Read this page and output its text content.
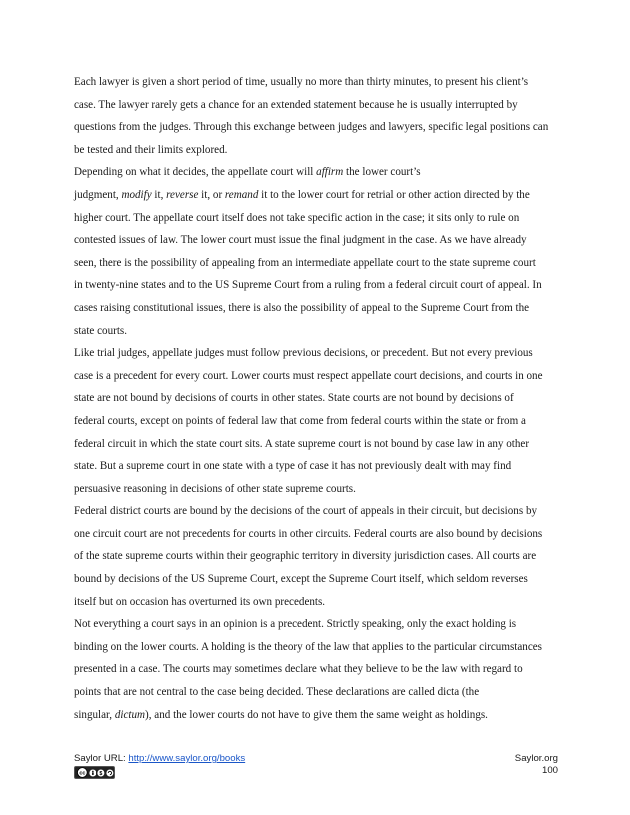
Each lawyer is given a short period of time, usually no more than thirty minutes, to present his client’s
case. The lawyer rarely gets a chance for an extended statement because he is usually interrupted by
questions from the judges. Through this exchange between judges and lawyers, specific legal positions can
be tested and their limits explored.

Depending on what it decides, the appellate court will affirm the lower court’s
judgment, modify it, reverse it, or remand it to the lower court for retrial or other action directed by the
higher court. The appellate court itself does not take specific action in the case; it sits only to rule on
contested issues of law. The lower court must issue the final judgment in the case. As we have already
seen, there is the possibility of appealing from an intermediate appellate court to the state supreme court
in twenty-nine states and to the US Supreme Court from a ruling from a federal circuit court of appeal. In
cases raising constitutional issues, there is also the possibility of appeal to the Supreme Court from the
state courts.

Like trial judges, appellate judges must follow previous decisions, or precedent. But not every previous
case is a precedent for every court. Lower courts must respect appellate court decisions, and courts in one
state are not bound by decisions of courts in other states. State courts are not bound by decisions of
federal courts, except on points of federal law that come from federal courts within the state or from a
federal circuit in which the state court sits. A state supreme court is not bound by case law in any other
state. But a supreme court in one state with a type of case it has not previously dealt with may find
persuasive reasoning in decisions of other state supreme courts.

Federal district courts are bound by the decisions of the court of appeals in their circuit, but decisions by
one circuit court are not precedents for courts in other circuits. Federal courts are also bound by decisions
of the state supreme courts within their geographic territory in diversity jurisdiction cases. All courts are
bound by decisions of the US Supreme Court, except the Supreme Court itself, which seldom reverses
itself but on occasion has overturned its own precedents.

Not everything a court says in an opinion is a precedent. Strictly speaking, only the exact holding is
binding on the lower courts. A holding is the theory of the law that applies to the particular circumstances
presented in a case. The courts may sometimes declare what they believe to be the law with regard to
points that are not central to the case being decided. These declarations are called dicta (the
singular, dictum), and the lower courts do not have to give them the same weight as holdings.

Saylor URL: http://www.saylor.org/books
cc	$
Saylor.org
100
